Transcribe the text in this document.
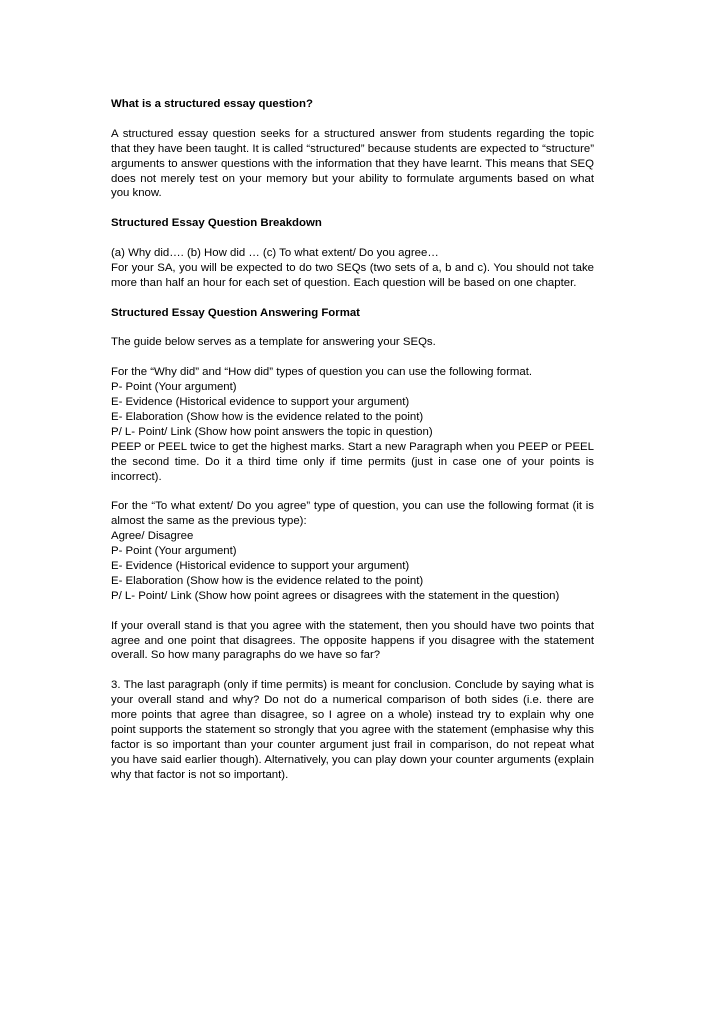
What is a structured essay question?
A structured essay question seeks for a structured answer from students regarding the topic that they have been taught. It is called “structured” because students are expected to “structure” arguments to answer questions with the information that they have learnt. This means that SEQ does not merely test on your memory but your ability to formulate arguments based on what you know.
Structured Essay Question Breakdown
(a) Why did…. (b) How did … (c) To what extent/ Do you agree…
For your SA, you will be expected to do two SEQs (two sets of a, b and c). You should not take more than half an hour for each set of question. Each question will be based on one chapter.
Structured Essay Question Answering Format
The guide below serves as a template for answering your SEQs.
For the “Why did” and “How did” types of question you can use the following format.
P- Point (Your argument)
E- Evidence (Historical evidence to support your argument)
E- Elaboration (Show how is the evidence related to the point)
P/ L- Point/ Link (Show how point answers the topic in question)
PEEP or PEEL twice to get the highest marks. Start a new Paragraph when you PEEP or PEEL the second time. Do it a third time only if time permits (just in case one of your points is incorrect).
For the “To what extent/ Do you agree” type of question, you can use the following format (it is almost the same as the previous type):
Agree/ Disagree
P- Point (Your argument)
E- Evidence (Historical evidence to support your argument)
E- Elaboration (Show how is the evidence related to the point)
P/ L- Point/ Link (Show how point agrees or disagrees with the statement in the question)
If your overall stand is that you agree with the statement, then you should have two points that agree and one point that disagrees. The opposite happens if you disagree with the statement overall. So how many paragraphs do we have so far?
3. The last paragraph (only if time permits) is meant for conclusion. Conclude by saying what is your overall stand and why? Do not do a numerical comparison of both sides (i.e. there are more points that agree than disagree, so I agree on a whole) instead try to explain why one point supports the statement so strongly that you agree with the statement (emphasise why this factor is so important than your counter argument just frail in comparison, do not repeat what you have said earlier though). Alternatively, you can play down your counter arguments (explain why that factor is not so important).
